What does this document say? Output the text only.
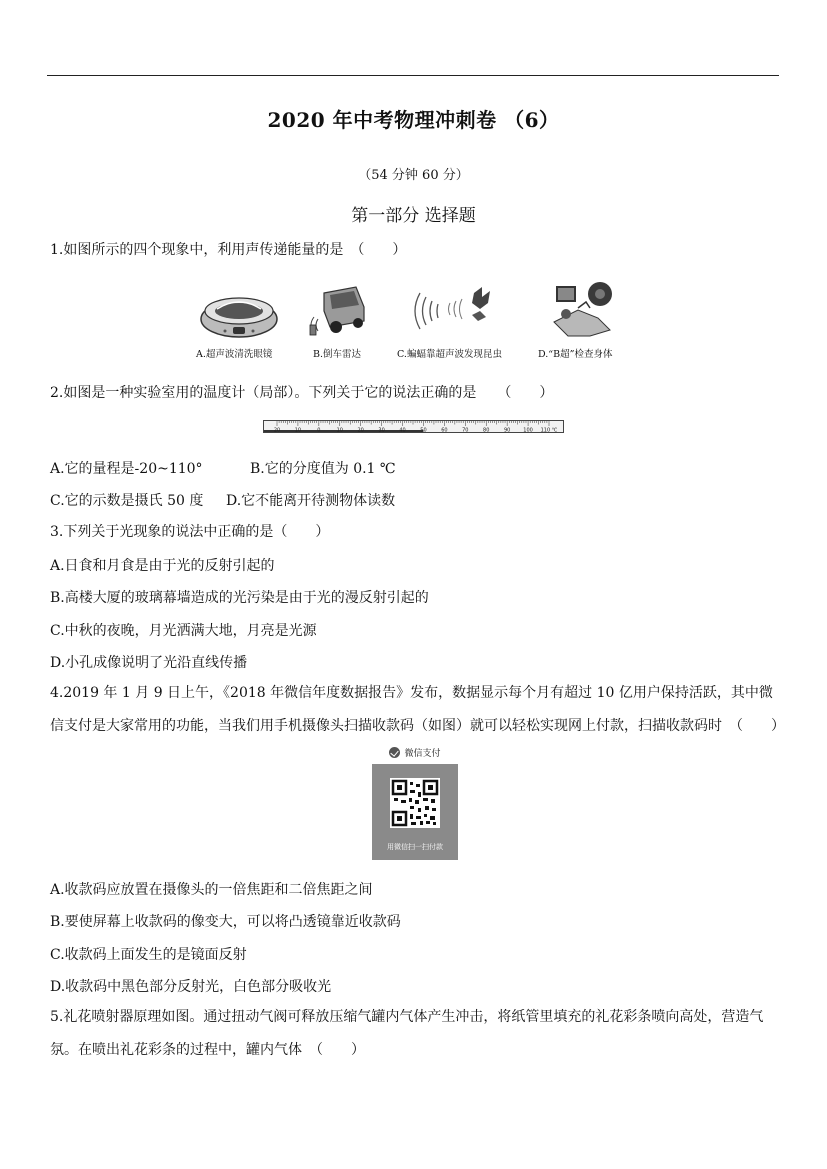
2020 年中考物理冲刺卷 （6）
（54 分钟 60 分）
第一部分 选择题
1.如图所示的四个现象中，利用声传递能量的是　（　　）
A.超声波清洗眼镜	B.倒车雷达	C.蝙蝠靠超声波发现昆虫	D.“B超”检查身体
2.如图是一种实验室用的温度计（局部）。下列关于它的说法正确的是　　（　　）
20	10	0	10	20	30	40	50	60	70	80	90	100 110 ℃
A.它的量程是-20~110°	B.它的分度值为 0.1 ℃
C.它的示数是摄氏 50 度 D.它不能离开待测物体读数
3.下列关于光现象的说法中正确的是（　　）
A.日食和月食是由于光的反射引起的
B.高楼大厦的玻璃幕墙造成的光污染是由于光的漫反射引起的
C.中秋的夜晚，月光洒满大地，月亮是光源
D.小孔成像说明了光沿直线传播
4.2019 年 1 月 9 日上午，《2018 年微信年度数据报告》发布，数据显示每个月有超过 10 亿用户保持活跃，其中微信支付是大家常用的功能，当我们用手机摄像头扫描收款码（如图）就可以轻松实现网上付款，扫描收款码时　（　　）
微信支付
用微信扫一扫付款
A.收款码应放置在摄像头的一倍焦距和二倍焦距之间
B.要使屏幕上收款码的像变大，可以将凸透镜靠近收款码
C.收款码上面发生的是镜面反射
D.收款码中黑色部分反射光，白色部分吸收光
5.礼花喷射器原理如图。通过扭动气阀可释放压缩气罐内气体产生冲击，将纸管里填充的礼花彩条喷向高处，营造气氛。在喷出礼花彩条的过程中，罐内气体　（　　）
